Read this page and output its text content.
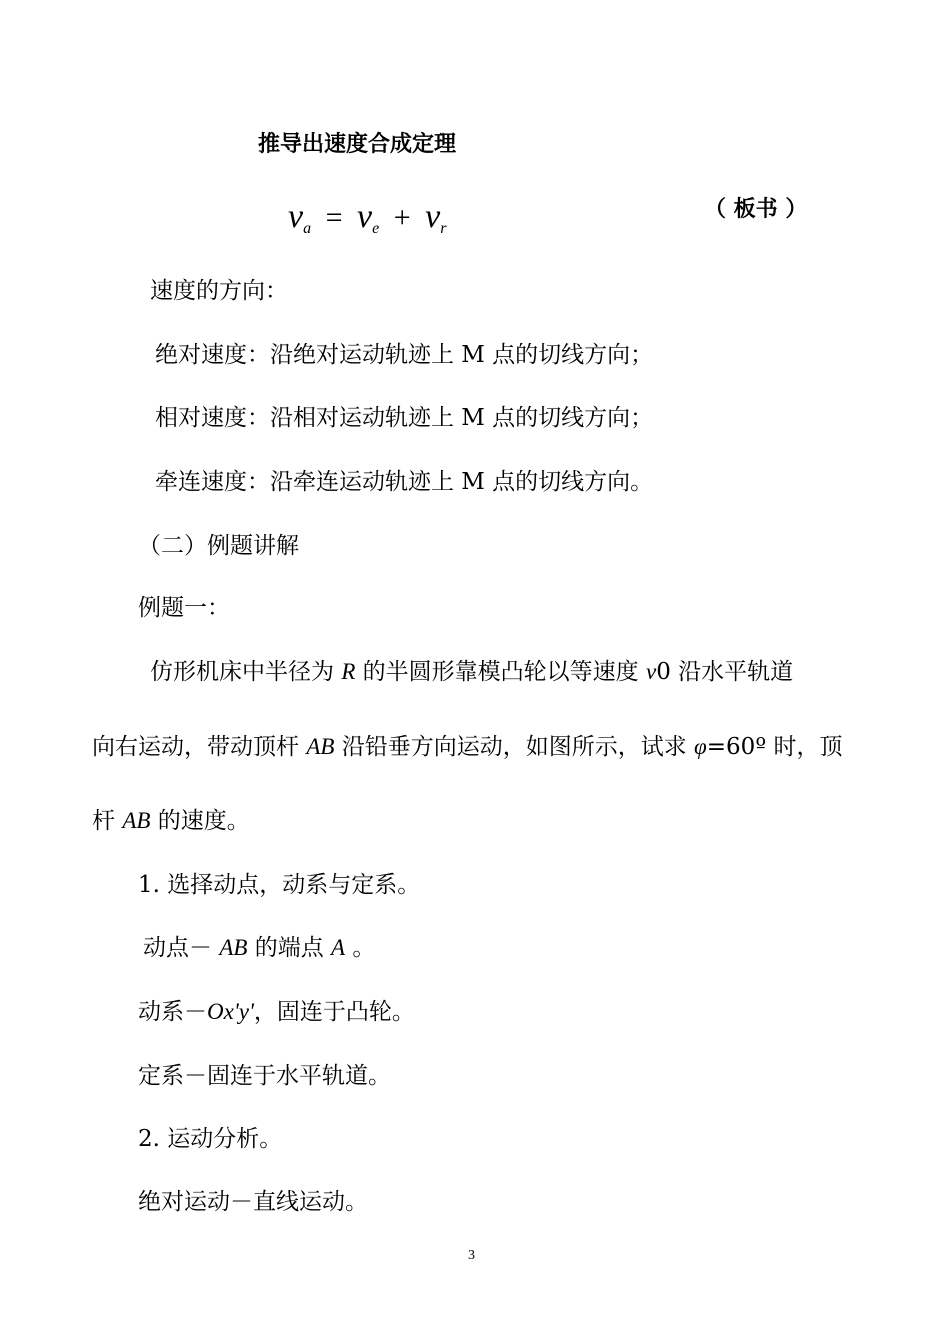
推导出速度合成定理
$v_a = v_e + v_r$
（ 板书 ）
速度的方向：
绝对速度：沿绝对运动轨迹上 M 点的切线方向；
相对速度：沿相对运动轨迹上 M 点的切线方向；
牵连速度：沿牵连运动轨迹上 M 点的切线方向。
（二）例题讲解
例题一：
仿形机床中半径为 R 的半圆形靠模凸轮以等速度 v0 沿水平轨道
向右运动，带动顶杆 AB 沿铅垂方向运动，如图所示，试求 φ=60º 时，顶
杆 AB 的速度。
1. 选择动点，动系与定系。
动点－ AB 的端点 A 。
动系－Ox'y'，固连于凸轮。
定系－固连于水平轨道。
2. 运动分析。
绝对运动－直线运动。
3
